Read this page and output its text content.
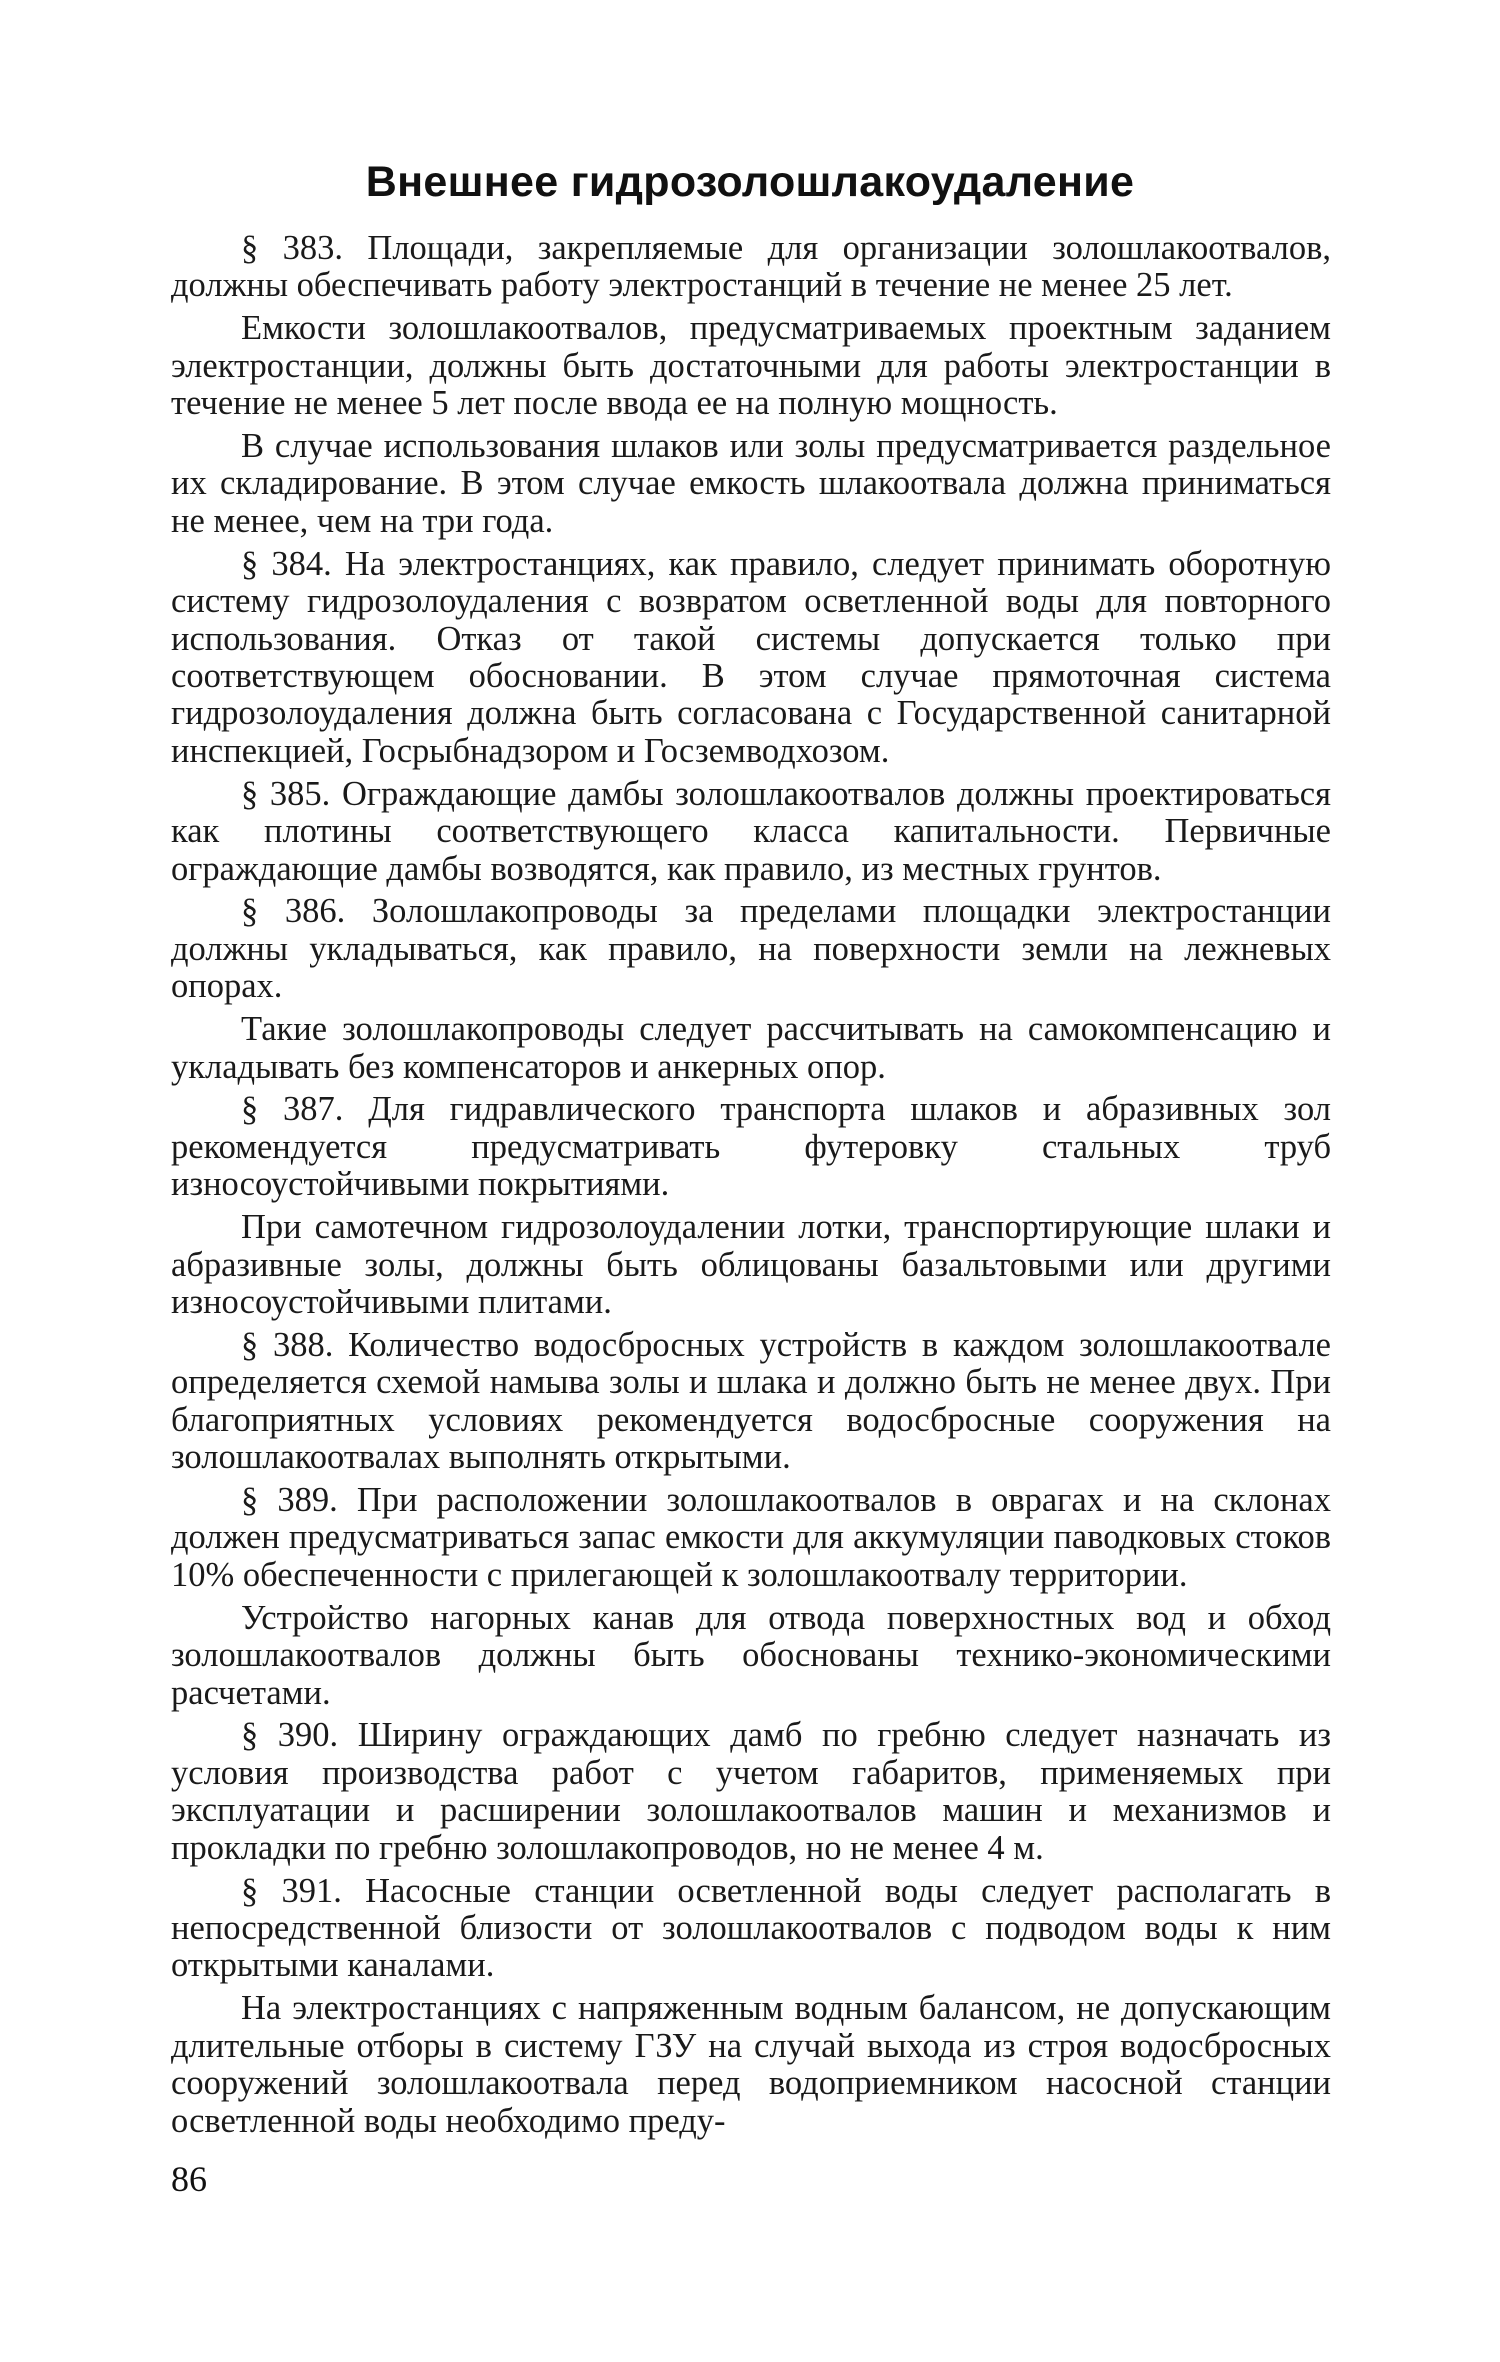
Внешнее гидрозолошлакоудаление

§ 383. Площади, закрепляемые для организации золошлакоотвалов, должны обеспечивать работу электростанций в течение не менее 25 лет.

Емкости золошлакоотвалов, предусматриваемых проектным заданием электростанции, должны быть достаточными для работы электростанции в течение не менее 5 лет после ввода ее на полную мощность.

В случае использования шлаков или золы предусматривается раздельное их складирование. В этом случае емкость шлакоотвала должна приниматься не менее, чем на три года.

§ 384. На электростанциях, как правило, следует принимать оборотную систему гидрозолоудаления с возвратом осветленной воды для повторного использования. Отказ от такой системы допускается только при соответствующем обосновании. В этом случае прямоточная система гидрозолоудаления должна быть согласована с Государственной санитарной инспекцией, Госрыбнадзором и Госземводхозом.

§ 385. Ограждающие дамбы золошлакоотвалов должны проектироваться как плотины соответствующего класса капитальности. Первичные ограждающие дамбы возводятся, как правило, из местных грунтов.

§ 386. Золошлакопроводы за пределами площадки электростанции должны укладываться, как правило, на поверхности земли на лежневых опорах.

Такие золошлакопроводы следует рассчитывать на самокомпенсацию и укладывать без компенсаторов и анкерных опор.

§ 387. Для гидравлического транспорта шлаков и абразивных зол рекомендуется предусматривать футеровку стальных труб износоустойчивыми покрытиями.

При самотечном гидрозолоудалении лотки, транспортирующие шлаки и абразивные золы, должны быть облицованы базальтовыми или другими износоустойчивыми плитами.

§ 388. Количество водосбросных устройств в каждом золошлакоотвале определяется схемой намыва золы и шлака и должно быть не менее двух. При благоприятных условиях рекомендуется водосбросные сооружения на золошлакоотвалах выполнять открытыми.

§ 389. При расположении золошлакоотвалов в оврагах и на склонах должен предусматриваться запас емкости для аккумуляции паводковых стоков 10% обеспеченности с прилегающей к золошлакоотвалу территории.

Устройство нагорных канав для отвода поверхностных вод и обход золошлакоотвалов должны быть обоснованы технико-экономическими расчетами.

§ 390. Ширину ограждающих дамб по гребню следует назначать из условия производства работ с учетом габаритов, применяемых при эксплуатации и расширении золошлакоотвалов машин и механизмов и прокладки по гребню золошлакопроводов, но не менее 4 м.

§ 391. Насосные станции осветленной воды следует располагать в непосредственной близости от золошлакоотвалов с подводом воды к ним открытыми каналами.

На электростанциях с напряженным водным балансом, не допускающим длительные отборы в систему ГЗУ на случай выхода из строя водосбросных сооружений золошлакоотвала перед водоприемником насосной станции осветленной воды необходимо преду-

86
